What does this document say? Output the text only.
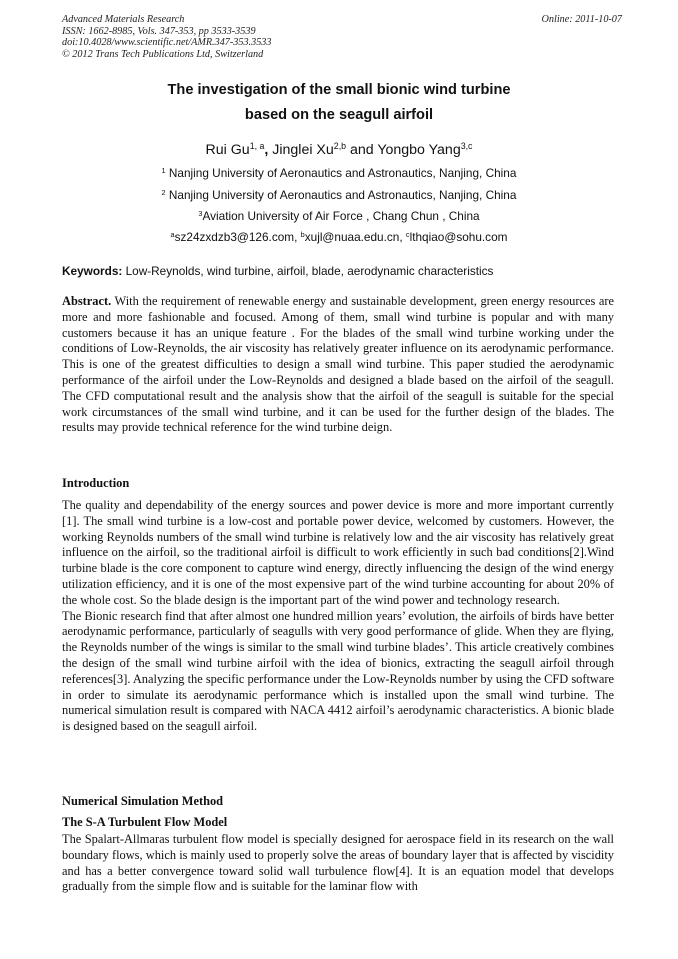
Advanced Materials Research
ISSN: 1662-8985, Vols. 347-353, pp 3533-3539
doi:10.4028/www.scientific.net/AMR.347-353.3533
© 2012 Trans Tech Publications Ltd, Switzerland
Online: 2011-10-07
The investigation of the small bionic wind turbine
based on the seagull airfoil
Rui Gu$^{1, a}$, Jinglei Xu$^{2,b}$ and Yongbo Yang$^{3,c}$
$^1$ Nanjing University of Aeronautics and Astronautics, Nanjing, China
$^2$ Nanjing University of Aeronautics and Astronautics, Nanjing, China
$^3$Aviation University of Air Force , Chang Chun , China
$^a$sz24zxdzb3@126.com, $^b$xujl@nuaa.edu.cn, $^c$lthqiao@sohu.com
Keywords: Low-Reynolds, wind turbine, airfoil, blade, aerodynamic characteristics

Abstract. With the requirement of renewable energy and sustainable development, green energy resources are more and more fashionable and focused. Among of them, small wind turbine is popular and with many customers because it has an unique feature . For the blades of the small wind turbine working under the conditions of Low-Reynolds, the air viscosity has relatively greater influence on its aerodynamic performance. This is one of the greatest difficulties to design a small wind turbine. This paper studied the aerodynamic performance of the airfoil under the Low-Reynolds and designed a blade based on the airfoil of the seagull. The CFD computational result and the analysis show that the airfoil of the seagull is suitable for the special work circumstances of the small wind turbine, and it can be used for the further design of the blades. The results may provide technical reference for the wind turbine deign.

Introduction

The quality and dependability of the energy sources and power device is more and more important currently [1]. The small wind turbine is a low-cost and portable power device, welcomed by customers. However, the working Reynolds numbers of the small wind turbine is relatively low and the air viscosity has relatively great influence on the airfoil, so the traditional airfoil is difficult to work efficiently in such bad conditions[2].Wind turbine blade is the core component to capture wind energy, directly influencing the design of the wind energy utilization efficiency, and it is one of the most expensive part of the wind turbine accounting for about 20% of the whole cost. So the blade design is the important part of the wind power and technology research.

The Bionic research find that after almost one hundred million years’ evolution, the airfoils of birds have better aerodynamic performance, particularly of seagulls with very good performance of glide. When they are flying, the Reynolds number of the wings is similar to the small wind turbine blades’. This article creatively combines the design of the small wind turbine airfoil with the idea of bionics, extracting the seagull airfoil through references[3]. Analyzing the specific performance under the Low-Reynolds number by using the CFD software in order to simulate its aerodynamic performance which is installed upon the small wind turbine. The numerical simulation result is compared with NACA 4412 airfoil’s aerodynamic characteristics. A bionic blade is designed based on the seagull airfoil.

Numerical Simulation Method
The S-A Turbulent Flow Model

The Spalart-Allmaras turbulent flow model is specially designed for aerospace field in its research on the wall boundary flows, which is mainly used to properly solve the areas of boundary layer that is affected by viscidity and has a better convergence toward solid wall turbulence flow[4]. It is an equation model that develops gradually from the simple flow and is suitable for the laminar flow with
